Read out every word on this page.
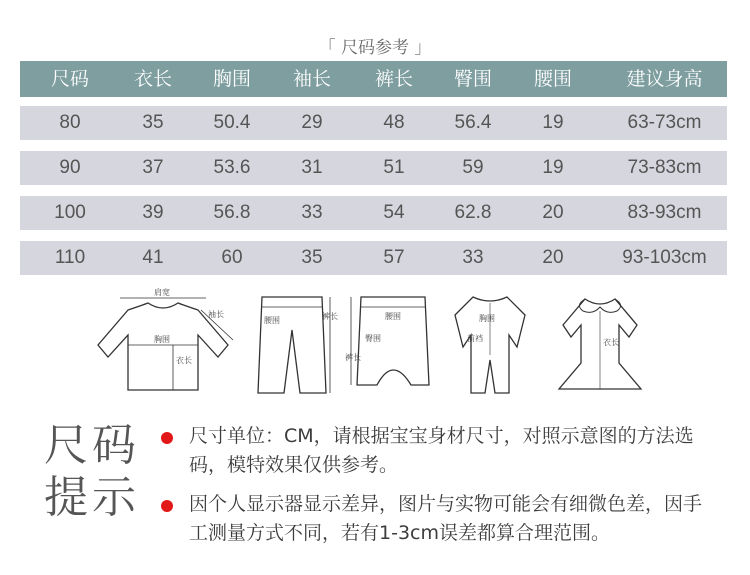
「 尺码参考 」
尺码	衣长	胸围	袖长	裤长	臀围	腰围	建议身高
80	35	50.4	29	48	56.4	19	63-73cm
90	37	53.6	31	51	59	19	73-83cm
100	39	56.8	33	54	62.8	20	83-93cm
110	41	60	35	57	33	20	93-103cm
肩宽
胸围
衣长
袖长
腰围	裤长	腰围
臀围
裤长
胸围
前裆	衣长
尺码提示
尺寸单位：CM，请根据宝宝身材尺寸，对照示意图的方法选码，模特效果仅供参考。
因个人显示器显示差异，图片与实物可能会有细微色差，因手工测量方式不同，若有1-3cm误差都算合理范围。
